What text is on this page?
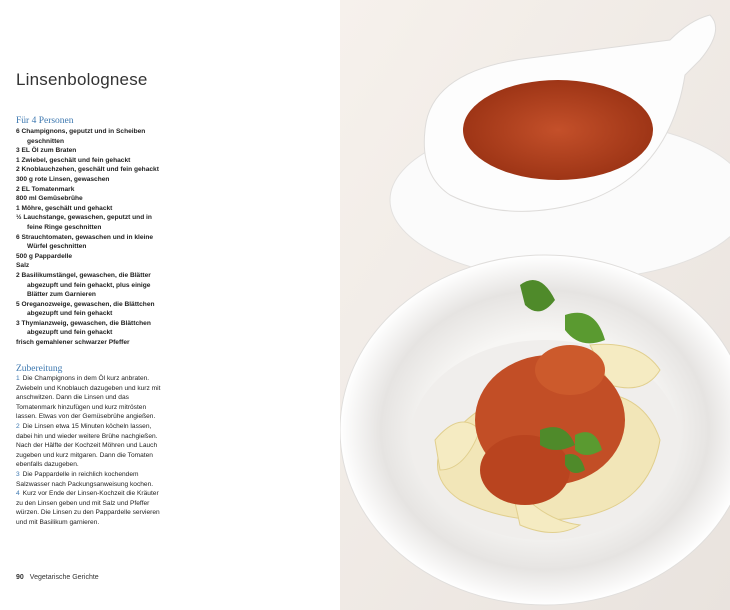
Linsenbolognese
Für 4 Personen

6 Champignons, geputzt und in Scheiben geschnitten

3 EL Öl zum Braten

1 Zwiebel, geschält und fein gehackt

2 Knoblauchzehen, geschält und fein gehackt

300 g rote Linsen, gewaschen

2 EL Tomatenmark

800 ml Gemüsebrühe

1 Möhre, geschält und gehackt

½ Lauchstange, gewaschen, geputzt und in feine Ringe geschnitten

6 Strauchtomaten, gewaschen und in kleine Würfel geschnitten

500 g Pappardelle

Salz

2 Basilikumstängel, gewaschen, die Blätter abgezupft und fein gehackt, plus einige Blätter zum Garnieren

5 Oreganozweige, gewaschen, die Blättchen abgezupft und fein gehackt

3 Thymianzweig, gewaschen, die Blättchen abgezupft und fein gehackt

frisch gemahlener schwarzer Pfeffer

Zubereitung

1 Die Champignons in dem Öl kurz anbraten. Zwiebeln und Knoblauch dazugeben und kurz mit anschwitzen. Dann die Linsen und das Tomatenmark hinzufügen und kurz mitrösten lassen. Etwas von der Gemüsebrühe angießen.

2 Die Linsen etwa 15 Minuten köcheln lassen, dabei hin und wieder weitere Brühe nachgießen. Nach der Hälfte der Kochzeit Möhren und Lauch zugeben und kurz mitgaren. Dann die Tomaten ebenfalls dazugeben.

3 Die Pappardelle in reichlich kochendem Salzwasser nach Packungsanweisung kochen.

4 Kurz vor Ende der Linsen-Kochzeit die Kräuter zu den Linsen geben und mit Salz und Pfeffer würzen. Die Linsen zu den Pappardelle servieren und mit Basilikum garnieren.

90 Vegetarische Gerichte
